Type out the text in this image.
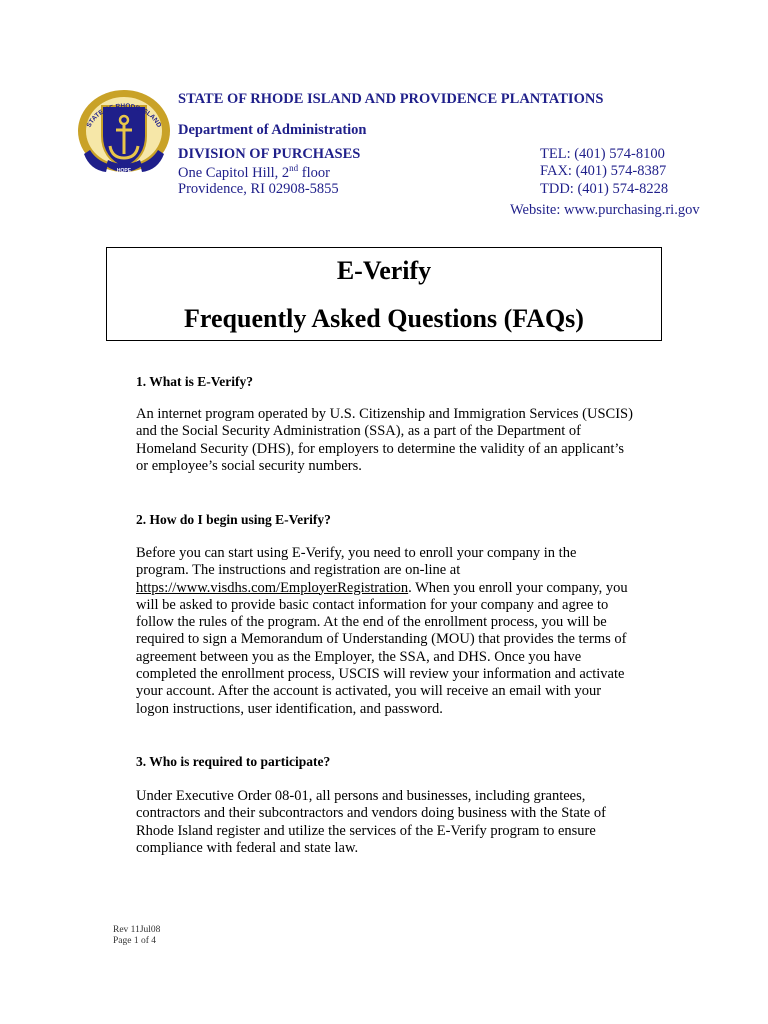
HOPE
STATE OF RHODE ISLAND
STATE OF RHODE ISLAND AND PROVIDENCE PLANTATIONS
Department of Administration
DIVISION OF PURCHASES
One Capitol Hill, 2nd floor
Providence, RI 02908-5855
TEL: (401) 574-8100
FAX: (401) 574-8387
TDD: (401) 574-8228
Website: www.purchasing.ri.gov
E-Verify
Frequently Asked Questions (FAQs)
1. What is E-Verify?
An internet program operated by U.S. Citizenship and Immigration Services (USCIS)
and the Social Security Administration (SSA), as a part of the Department of
Homeland Security (DHS), for employers to determine the validity of an applicant’s
or employee’s social security numbers.
2. How do I begin using E-Verify?
Before you can start using E-Verify, you need to enroll your company in the
program. The instructions and registration are on-line at
https://www.visdhs.com/EmployerRegistration. When you enroll your company, you
will be asked to provide basic contact information for your company and agree to
follow the rules of the program. At the end of the enrollment process, you will be
required to sign a Memorandum of Understanding (MOU) that provides the terms of
agreement between you as the Employer, the SSA, and DHS. Once you have
completed the enrollment process, USCIS will review your information and activate
your account. After the account is activated, you will receive an email with your
logon instructions, user identification, and password.
3. Who is required to participate?
Under Executive Order 08-01, all persons and businesses, including grantees,
contractors and their subcontractors and vendors doing business with the State of
Rhode Island register and utilize the services of the E-Verify program to ensure
compliance with federal and state law.
Rev 11Jul08
Page 1 of 4
